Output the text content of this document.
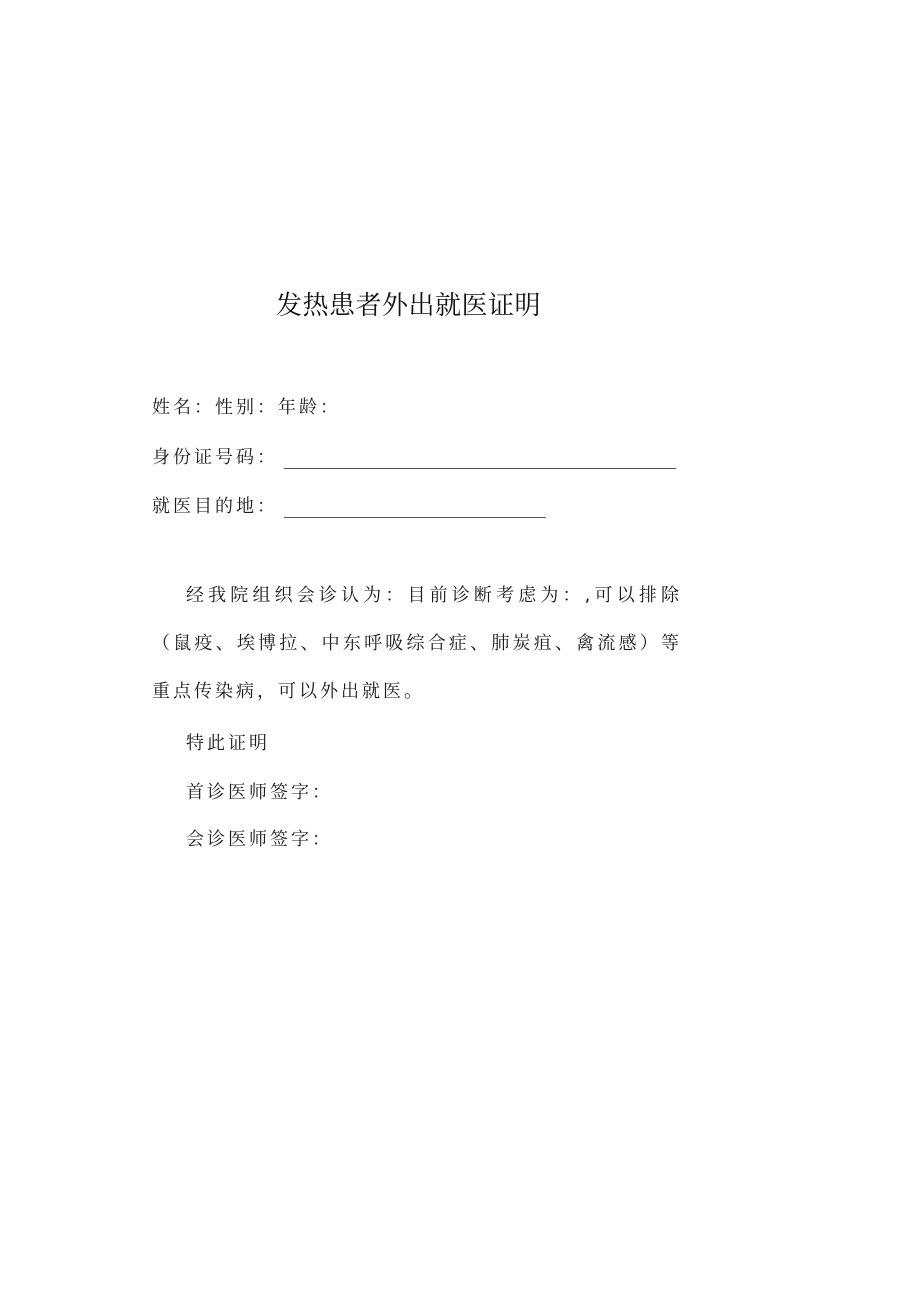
发热患者外出就医证明
姓名：性别：年龄：
身份证号码：
就医目的地：
经我院组织会诊认为：目前诊断考虑为：,可以排除（鼠疫、埃博拉、中东呼吸综合症、肺炭疽、禽流感）等重点传染病，可以外出就医。
特此证明
首诊医师签字：
会诊医师签字：
